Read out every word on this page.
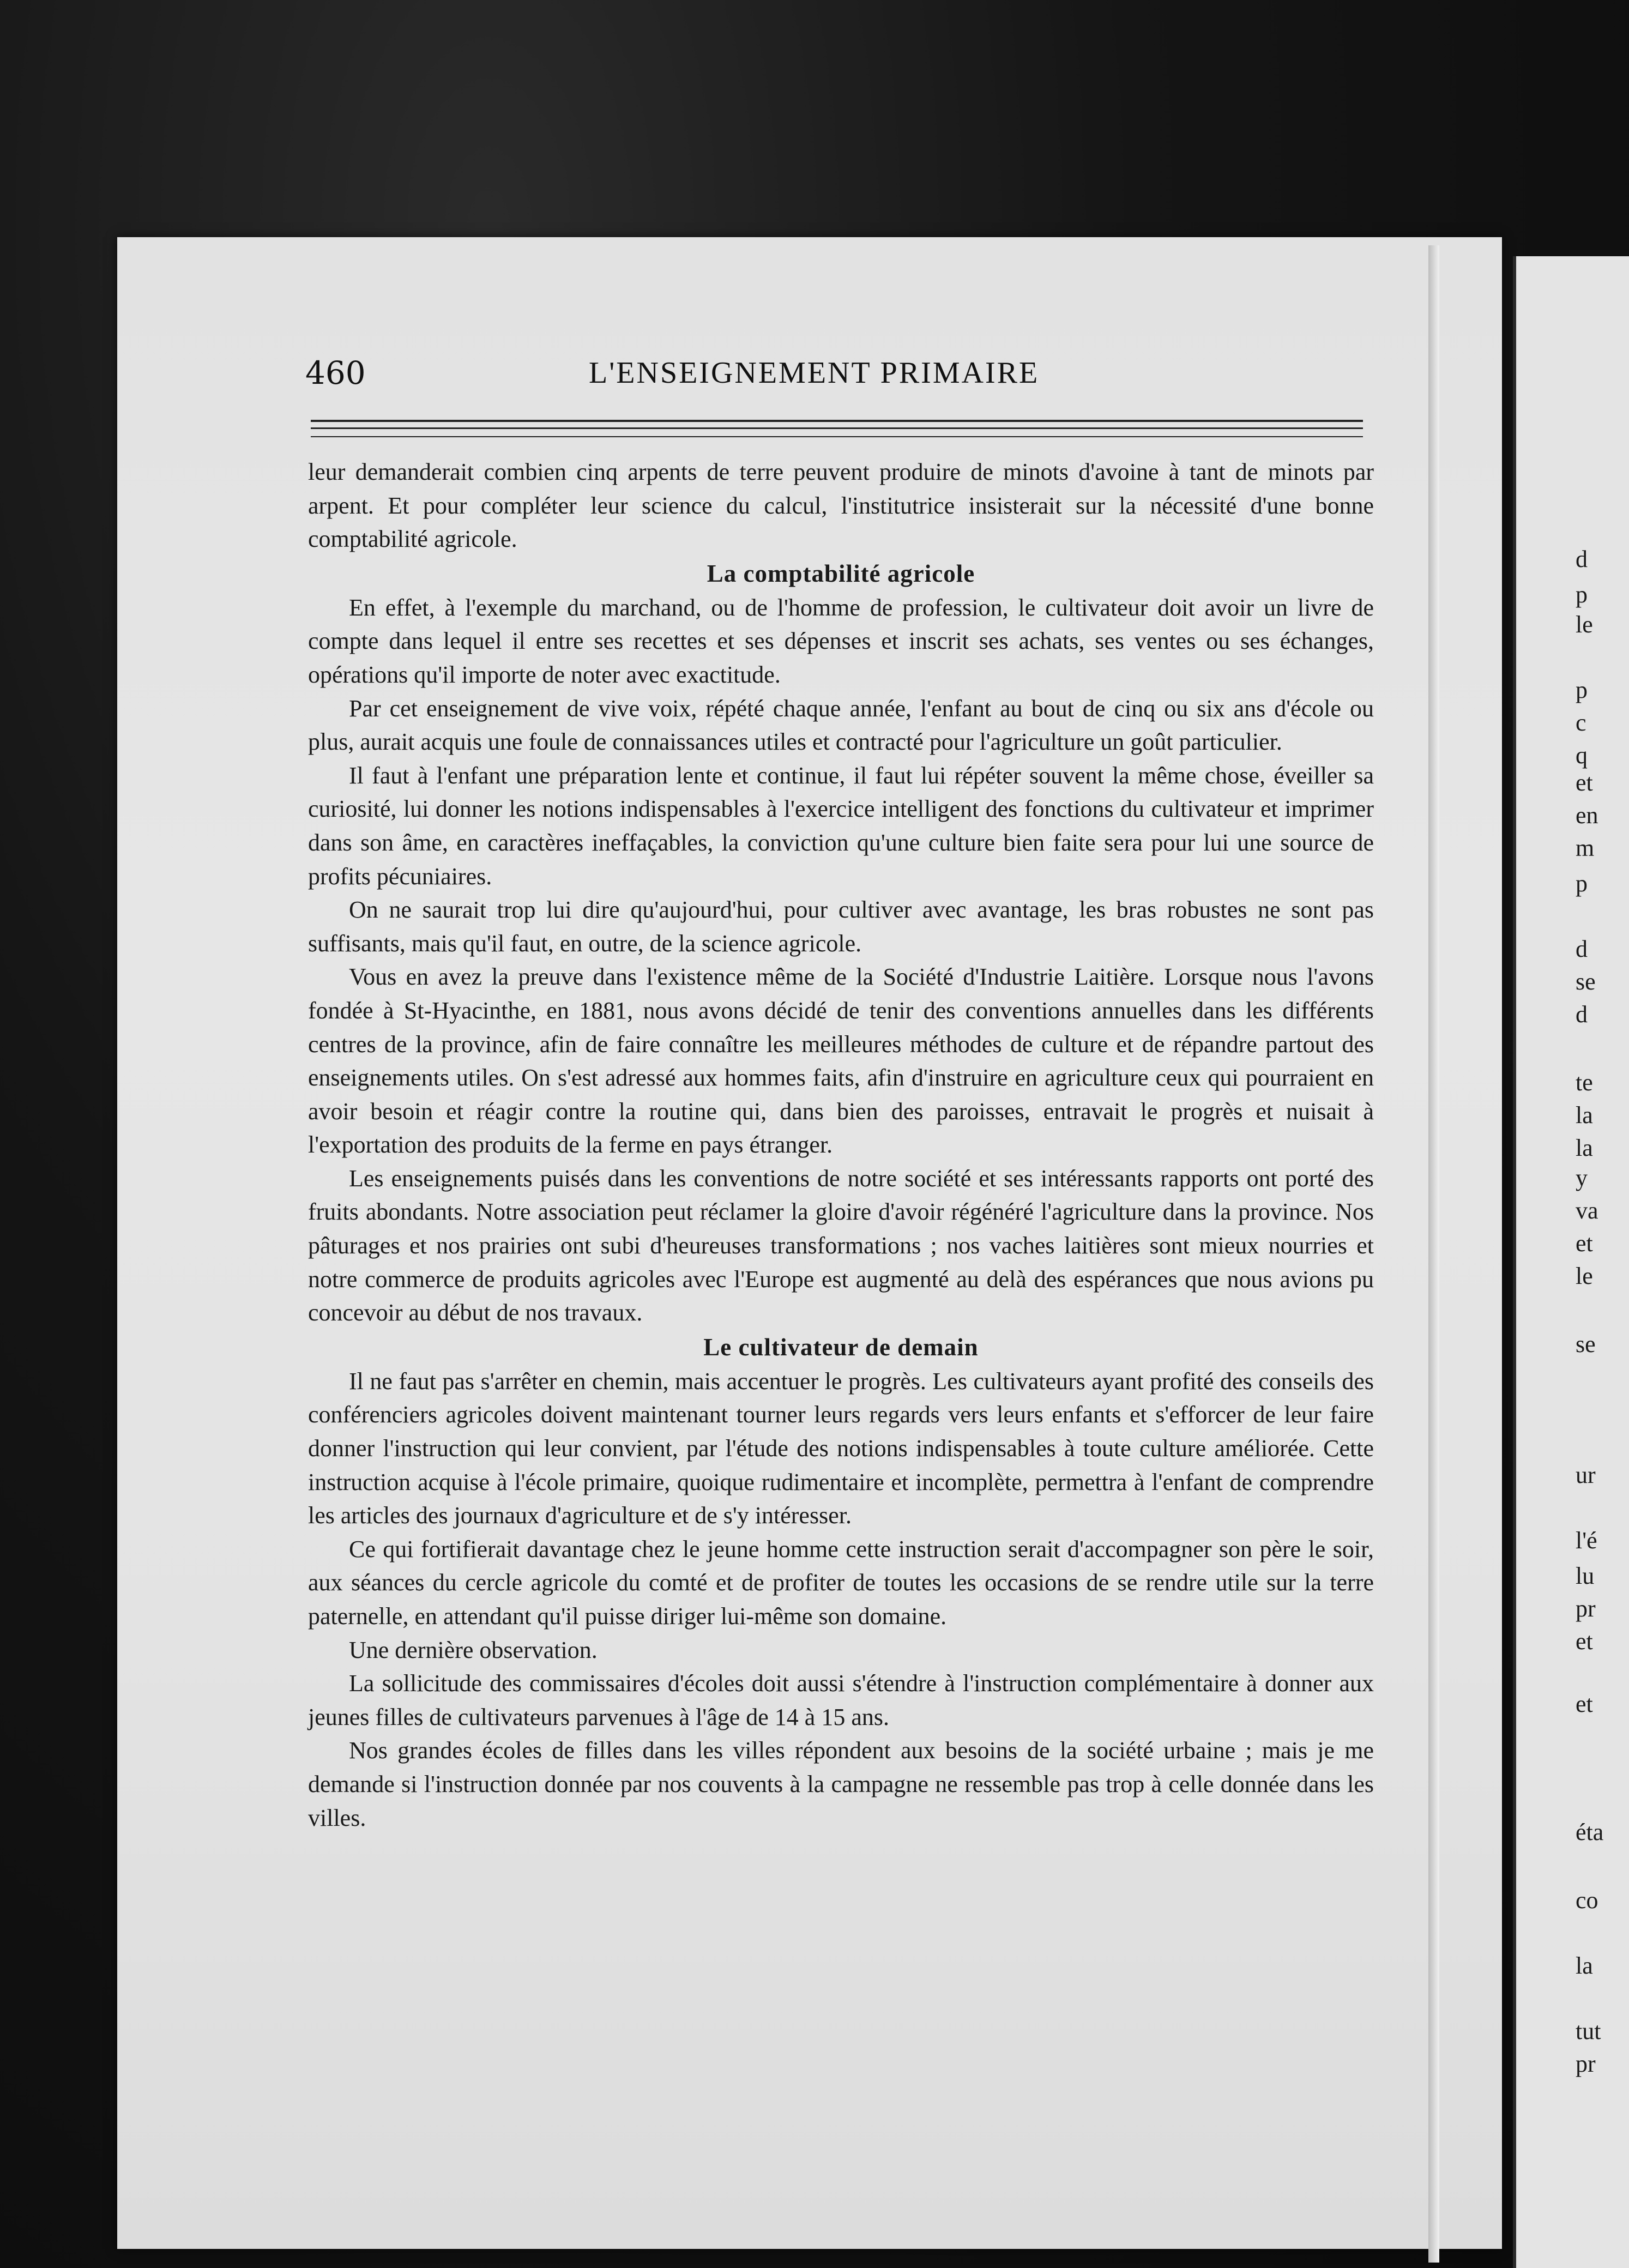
460	L'ENSEIGNEMENT PRIMAIRE

leur demanderait combien cinq arpents de terre peuvent produire de minots d'avoine à tant de minots par arpent. Et pour compléter leur science du calcul, l'institutrice insisterait sur la nécessité d'une bonne comptabilité agricole.

La comptabilité agricole

En effet, à l'exemple du marchand, ou de l'homme de profession, le cultivateur doit avoir un livre de compte dans lequel il entre ses recettes et ses dépenses et inscrit ses achats, ses ventes ou ses échanges, opérations qu'il importe de noter avec exactitude.

Par cet enseignement de vive voix, répété chaque année, l'enfant au bout de cinq ou six ans d'école ou plus, aurait acquis une foule de connaissances utiles et contracté pour l'agriculture un goût particulier.

Il faut à l'enfant une préparation lente et continue, il faut lui répéter souvent la même chose, éveiller sa curiosité, lui donner les notions indispensables à l'exercice intelligent des fonctions du cultivateur et imprimer dans son âme, en caractères ineffaçables, la conviction qu'une culture bien faite sera pour lui une source de profits pécuniaires.

On ne saurait trop lui dire qu'aujourd'hui, pour cultiver avec avantage, les bras robustes ne sont pas suffisants, mais qu'il faut, en outre, de la science agricole.

Vous en avez la preuve dans l'existence même de la Société d'Industrie Laitière. Lorsque nous l'avons fondée à St-Hyacinthe, en 1881, nous avons décidé de tenir des conventions annuelles dans les différents centres de la province, afin de faire connaître les meilleures méthodes de culture et de répandre partout des enseignements utiles. On s'est adressé aux hommes faits, afin d'instruire en agriculture ceux qui pourraient en avoir besoin et réagir contre la routine qui, dans bien des paroisses, entravait le progrès et nuisait à l'exportation des produits de la ferme en pays étranger.

Les enseignements puisés dans les conventions de notre société et ses intéressants rapports ont porté des fruits abondants. Notre association peut réclamer la gloire d'avoir régénéré l'agriculture dans la province. Nos pâturages et nos prairies ont subi d'heureuses transformations ; nos vaches laitières sont mieux nourries et notre commerce de produits agricoles avec l'Europe est augmenté au delà des espérances que nous avions pu concevoir au début de nos travaux.

Le cultivateur de demain

Il ne faut pas s'arrêter en chemin, mais accentuer le progrès. Les cultivateurs ayant profité des conseils des conférenciers agricoles doivent maintenant tourner leurs regards vers leurs enfants et s'efforcer de leur faire donner l'instruction qui leur convient, par l'étude des notions indispensables à toute culture améliorée. Cette instruction acquise à l'école primaire, quoique rudimentaire et incomplète, permettra à l'enfant de comprendre les articles des journaux d'agriculture et de s'y intéresser.

Ce qui fortifierait davantage chez le jeune homme cette instruction serait d'accompagner son père le soir, aux séances du cercle agricole du comté et de profiter de toutes les occasions de se rendre utile sur la terre paternelle, en attendant qu'il puisse diriger lui-même son domaine.

Une dernière observation.

La sollicitude des commissaires d'écoles doit aussi s'étendre à l'instruction complémentaire à donner aux jeunes filles de cultivateurs parvenues à l'âge de 14 à 15 ans.

Nos grandes écoles de filles dans les villes répondent aux besoins de la société urbaine ; mais je me demande si l'instruction donnée par nos couvents à la campagne ne ressemble pas trop à celle donnée dans les villes.

d
p
le
p
c
q
et
en
m
p
d
se
d
te
la
la
y
va
et
le
se
ur
l'é
lu
pr
et
et
éta
co
la
tut
pr
